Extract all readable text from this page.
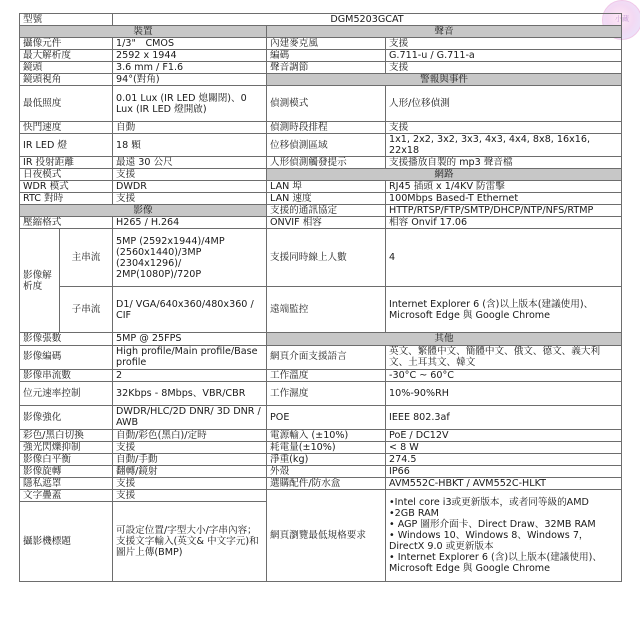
小藏
型號		DGM5203GCAT		
裝置			聲音	
攝像元件		1/3"　CMOS	內建麥克風	支援
最大解析度		2592 x 1944	編碼	G.711-u / G.711-a
鏡頭		3.6 mm / F1.6	聲音調節	支援
鏡頭視角		94°(對角)	警報與事件	
最低照度		0.01 Lux (IR LED 熄關閉)、0 Lux (IR LED 燈開啟)	偵測模式	人形/位移偵測
快門速度		自動	偵測時段排程	支援
IR LED 燈		18 顆	位移偵測區域	1x1, 2x2, 3x2, 3x3, 4x3, 4x4, 8x8, 16x16, 22x18
IR 投射距離		最遠 30 公尺	人形偵測觸發提示	支援播放自製的 mp3 聲音檔
日夜模式		支援	網路	
WDR 模式		DWDR	LAN 埠	RJ45 插頭 x 1/4KV 防雷擊
RTC 對時		支援	LAN 速度	100Mbps Based-T Ethernet
影像			支援的通訊協定	HTTP/RTSP/FTP/SMTP/DHCP/NTP/NFS/RTMP
壓縮格式		H265 / H.264	ONVIF 相容	相容 Onvif 17.06
影像解析度	主串流	5MP (2592x1944)/4MP (2560x1440)/3MP (2304x1296)/ 2MP(1080P)/720P	支援同時線上人數	4
	子串流	D1/ VGA/640x360/480x360 / CIF	遠端監控	Internet Explorer 6 (含)以上版本(建議使用)、Microsoft Edge 與 Google Chrome
影像張數		5MP @ 25FPS	其他	
影像編碼		High profile/Main profile/Base profile	網頁介面支援語言	英文、繁體中文、簡體中文、俄文、德文、義大利文、土耳其文、韓文
影像串流數		2	工作溫度	-30°C ~ 60°C
位元速率控制		32Kbps - 8Mbps、VBR/CBR	工作濕度	10%-90%RH
影像強化		DWDR/HLC/2D DNR/ 3D DNR / AWB	POE	IEEE 802.3af
彩色/黑白切換		自動/彩色(黑白)/定時	電源輸入 (±10%)	PoE / DC12V
強光閃爍抑制		支援	耗電量(±10%)	< 8 W
影像白平衡		自動/手動	淨重(kg)	274.5
影像旋轉		翻轉/鏡射	外殼	IP66
隱私遮罩		支援	選購配件/防水盒	AVM552C-HBKT / AVM552C-HLKT
文字疊蓋		支援	網頁瀏覽最低規格要求	•Intel core i3或更新版本，或者同等級的AMD
•2GB RAM
• AGP 圖形介面卡、Direct Draw、32MB RAM
• Windows 10、Windows 8、Windows 7，DirectX 9.0 或更新版本
• Internet Explorer 6 (含)以上版本(建議使用)、Microsoft Edge 與 Google Chrome

攝影機標題		可設定位置/字型大小/字串內容；支援文字輸入(英文& 中文字元)和圖片上傳(BMP)		
